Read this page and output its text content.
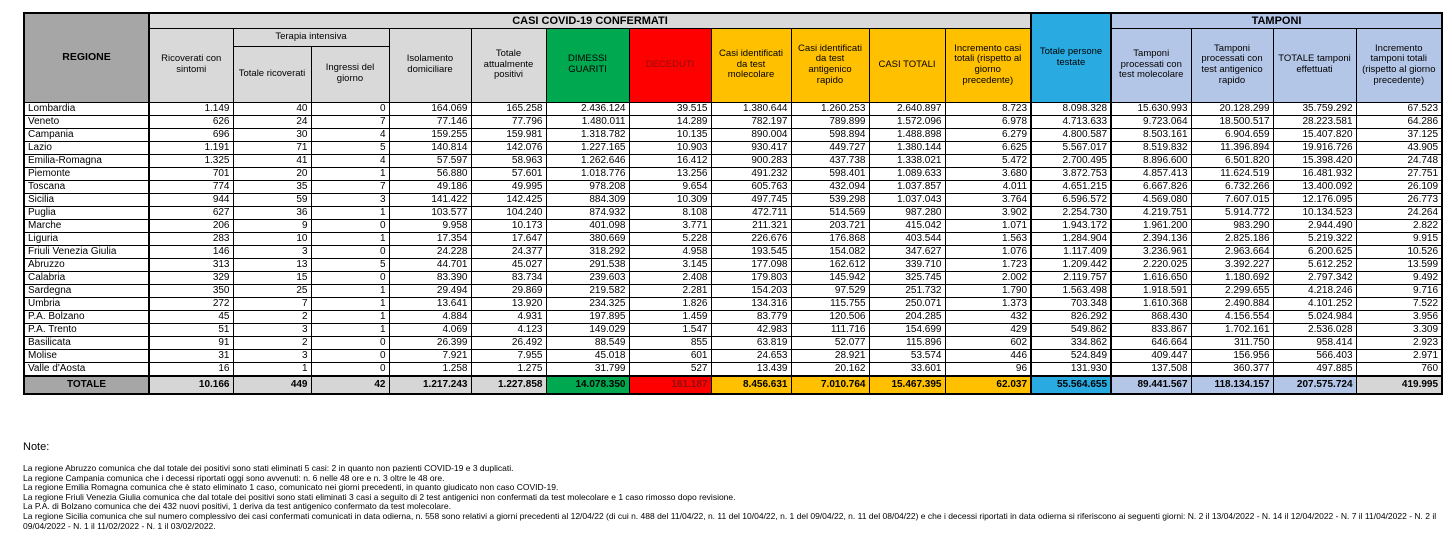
REGIONE	CASI COVID-19 CONFERMATI											Totale persone testate	TAMPONI			
	Ricoverati con sintomi	Terapia intensiva		Isolamento domiciliare	Totale attualmente positivi	DIMESSI GUARITI	DECEDUTI	Casi identificati da test molecolare	Casi identificati da test antigenico rapido	CASI TOTALI	Incremento casi totali (rispetto al giorno precedente)		Tamponi processati con test molecolare	Tamponi processati con test antigenico rapido	TOTALE tamponi effettuati	Incremento tamponi totali (rispetto al giorno precedente)
		Totale ricoverati	Ingressi del giorno													
Lombardia	1.149	40	0	164.069	165.258	2.436.124	39.515	1.380.644	1.260.253	2.640.897	8.723	8.098.328	15.630.993	20.128.299	35.759.292	67.523
Veneto	626	24	7	77.146	77.796	1.480.011	14.289	782.197	789.899	1.572.096	6.978	4.713.633	9.723.064	18.500.517	28.223.581	64.286
Campania	696	30	4	159.255	159.981	1.318.782	10.135	890.004	598.894	1.488.898	6.279	4.800.587	8.503.161	6.904.659	15.407.820	37.125
Lazio	1.191	71	5	140.814	142.076	1.227.165	10.903	930.417	449.727	1.380.144	6.625	5.567.017	8.519.832	11.396.894	19.916.726	43.905
Emilia-Romagna	1.325	41	4	57.597	58.963	1.262.646	16.412	900.283	437.738	1.338.021	5.472	2.700.495	8.896.600	6.501.820	15.398.420	24.748
Piemonte	701	20	1	56.880	57.601	1.018.776	13.256	491.232	598.401	1.089.633	3.680	3.872.753	4.857.413	11.624.519	16.481.932	27.751
Toscana	774	35	7	49.186	49.995	978.208	9.654	605.763	432.094	1.037.857	4.011	4.651.215	6.667.826	6.732.266	13.400.092	26.109
Sicilia	944	59	3	141.422	142.425	884.309	10.309	497.745	539.298	1.037.043	3.764	6.596.572	4.569.080	7.607.015	12.176.095	26.773
Puglia	627	36	1	103.577	104.240	874.932	8.108	472.711	514.569	987.280	3.902	2.254.730	4.219.751	5.914.772	10.134.523	24.264
Marche	206	9	0	9.958	10.173	401.098	3.771	211.321	203.721	415.042	1.071	1.943.172	1.961.200	983.290	2.944.490	2.822
Liguria	283	10	1	17.354	17.647	380.669	5.228	226.676	176.868	403.544	1.563	1.284.904	2.394.136	2.825.186	5.219.322	9.915
Friuli Venezia Giulia	146	3	0	24.228	24.377	318.292	4.958	193.545	154.082	347.627	1.076	1.117.409	3.236.961	2.963.664	6.200.625	10.526
Abruzzo	313	13	5	44.701	45.027	291.538	3.145	177.098	162.612	339.710	1.723	1.209.442	2.220.025	3.392.227	5.612.252	13.599
Calabria	329	15	0	83.390	83.734	239.603	2.408	179.803	145.942	325.745	2.002	2.119.757	1.616.650	1.180.692	2.797.342	9.492
Sardegna	350	25	1	29.494	29.869	219.582	2.281	154.203	97.529	251.732	1.790	1.563.498	1.918.591	2.299.655	4.218.246	9.716
Umbria	272	7	1	13.641	13.920	234.325	1.826	134.316	115.755	250.071	1.373	703.348	1.610.368	2.490.884	4.101.252	7.522
P.A. Bolzano	45	2	1	4.884	4.931	197.895	1.459	83.779	120.506	204.285	432	826.292	868.430	4.156.554	5.024.984	3.956
P.A. Trento	51	3	1	4.069	4.123	149.029	1.547	42.983	111.716	154.699	429	549.862	833.867	1.702.161	2.536.028	3.309
Basilicata	91	2	0	26.399	26.492	88.549	855	63.819	52.077	115.896	602	334.862	646.664	311.750	958.414	2.923
Molise	31	3	0	7.921	7.955	45.018	601	24.653	28.921	53.574	446	524.849	409.447	156.956	566.403	2.971
Valle d'Aosta	16	1	0	1.258	1.275	31.799	527	13.439	20.162	33.601	96	131.930	137.508	360.377	497.885	760
TOTALE	10.166	449	42	1.217.243	1.227.858	14.078.350	161.187	8.456.631	7.010.764	15.467.395	62.037	55.564.655	89.441.567	118.134.157	207.575.724	419.995
Note:
La regione Abruzzo comunica che dal totale dei positivi sono stati eliminati 5 casi: 2 in quanto non pazienti COVID-19 e 3 duplicati.
La regione Campania comunica che i decessi riportati oggi sono avvenuti: n. 6 nelle 48 ore e n. 3 oltre le 48 ore.
La regione Emilia Romagna comunica che è stato eliminato 1 caso, comunicato nei giorni precedenti, in quanto giudicato non caso COVID-19.
La regione Friuli Venezia Giulia comunica che dal totale dei positivi sono stati eliminati 3 casi a seguito di 2 test antigenici non confermati da test molecolare e 1 caso rimosso dopo revisione.
La P.A. di Bolzano comunica che dei 432 nuovi positivi, 1 deriva da test antigenico confermato da test molecolare.
La regione Sicilia comunica che sul numero complessivo dei casi confermati comunicati in data odierna, n. 558 sono relativi a giorni precedenti al 12/04/22 (di cui n. 488 del 11/04/22, n. 11 del 10/04/22, n. 1 del 09/04/22, n. 11 del 08/04/22) e che i decessi riportati in data odierna si riferiscono ai seguenti giorni: N. 2 il 13/04/2022 - N. 14 il 12/04/2022 - N. 7 il 11/04/2022 - N. 2 il 09/04/2022 - N. 1 il 11/02/2022 - N. 1 il 03/02/2022.
